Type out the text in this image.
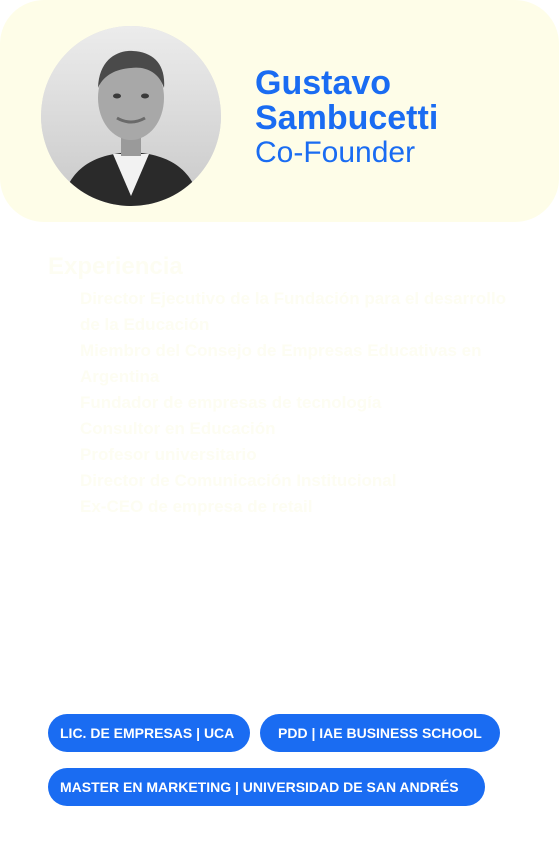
Gustavo Sambucetti
Co-Founder
Experiencia
Director Ejecutivo de la Fundación para el desarrollo de la Educación
Miembro del Consejo de Empresas Educativas en Argentina
Fundador de empresas de tecnología
Consultor en Educación
Profesor universitario
Director de Comunicación Institucional
Ex-CEO de empresa de retail
LIC. DE EMPRESAS | UCA	PDD | IAE BUSINESS SCHOOL
MASTER EN MARKETING | UNIVERSIDAD DE SAN ANDRÉS
